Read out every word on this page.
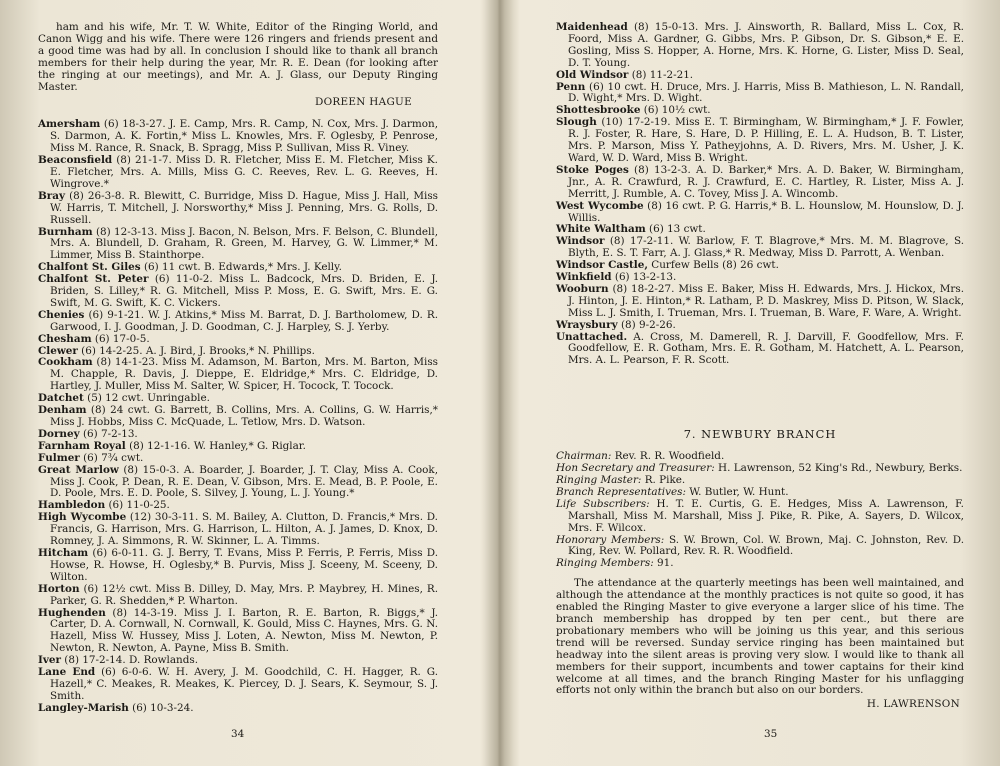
ham and his wife, Mr. T. W. White, Editor of the Ringing World, and Canon Wigg and his wife. There were 126 ringers and friends present and a good time was had by all. In conclusion I should like to thank all branch members for their help during the year, Mr. R. E. Dean (for looking after the ringing at our meetings), and Mr. A. J. Glass, our Deputy Ringing Master.

DOREEN HAGUE

Amersham (6) 18-3-27. J. E. Camp, Mrs. R. Camp, N. Cox, Mrs. J. Darmon, S. Darmon, A. K. Fortin,* Miss L. Knowles, Mrs. F. Oglesby, P. Penrose, Miss M. Rance, R. Snack, B. Spragg, Miss P. Sullivan, Miss R. Viney.

Beaconsfield (8) 21-1-7. Miss D. R. Fletcher, Miss E. M. Fletcher, Miss K. E. Fletcher, Mrs. A. Mills, Miss G. C. Reeves, Rev. L. G. Reeves, H. Wingrove.*

Bray (8) 26-3-8. R. Blewitt, C. Burridge, Miss D. Hague, Miss J. Hall, Miss W. Harris, T. Mitchell, J. Norsworthy,* Miss J. Penning, Mrs. G. Rolls, D. Russell.

Burnham (8) 12-3-13. Miss J. Bacon, N. Belson, Mrs. F. Belson, C. Blundell, Mrs. A. Blundell, D. Graham, R. Green, M. Harvey, G. W. Limmer,* M. Limmer, Miss B. Stainthorpe.

Chalfont St. Giles (6) 11 cwt. B. Edwards,* Mrs. J. Kelly.

Chalfont St. Peter (6) 11-0-2. Miss L. Badcock, Mrs. D. Briden, E. J. Briden, S. Lilley,* R. G. Mitchell, Miss P. Moss, E. G. Swift, Mrs. E. G. Swift, M. G. Swift, K. C. Vickers.

Chenies (6) 9-1-21. W. J. Atkins,* Miss M. Barrat, D. J. Bartholomew, D. R. Garwood, I. J. Goodman, J. D. Goodman, C. J. Harpley, S. J. Yerby.

Chesham (6) 17-0-5.

Clewer (6) 14-2-25. A. J. Bird, J. Brooks,* N. Phillips.

Cookham (8) 14-1-23. Miss M. Adamson, M. Barton, Mrs. M. Barton, Miss M. Chapple, R. Davis, J. Dieppe, E. Eldridge,* Mrs. C. Eldridge, D. Hartley, J. Muller, Miss M. Salter, W. Spicer, H. Tocock, T. Tocock.

Datchet (5) 12 cwt. Unringable.

Denham (8) 24 cwt. G. Barrett, B. Collins, Mrs. A. Collins, G. W. Harris,* Miss J. Hobbs, Miss C. McQuade, L. Tetlow, Mrs. D. Watson.

Dorney (6) 7-2-13.

Farnham Royal (8) 12-1-16. W. Hanley,* G. Riglar.

Fulmer (6) 7¾ cwt.

Great Marlow (8) 15-0-3. A. Boarder, J. Boarder, J. T. Clay, Miss A. Cook, Miss J. Cook, P. Dean, R. E. Dean, V. Gibson, Mrs. E. Mead, B. P. Poole, E. D. Poole, Mrs. E. D. Poole, S. Silvey, J. Young, L. J. Young.*

Hambledon (6) 11-0-25.

High Wycombe (12) 30-3-11. S. M. Bailey, A. Clutton, D. Francis,* Mrs. D. Francis, G. Harrison, Mrs. G. Harrison, L. Hilton, A. J. James, D. Knox, D. Romney, J. A. Simmons, R. W. Skinner, L. A. Timms.

Hitcham (6) 6-0-11. G. J. Berry, T. Evans, Miss P. Ferris, P. Ferris, Miss D. Howse, R. Howse, H. Oglesby,* B. Purvis, Miss J. Sceeny, M. Sceeny, D. Wilton.

Horton (6) 12½ cwt. Miss B. Dilley, D. May, Mrs. P. Maybrey, H. Mines, R. Parker, G. R. Shedden,* P. Wharton.

Hughenden (8) 14-3-19. Miss J. I. Barton, R. E. Barton, R. Biggs,* J. Carter, D. A. Cornwall, N. Cornwall, K. Gould, Miss C. Haynes, Mrs. G. N. Hazell, Miss W. Hussey, Miss J. Loten, A. Newton, Miss M. Newton, P. Newton, R. Newton, A. Payne, Miss B. Smith.

Iver (8) 17-2-14. D. Rowlands.

Lane End (6) 6-0-6. W. H. Avery, J. M. Goodchild, C. H. Hagger, R. G. Hazell,* C. Meakes, R. Meakes, K. Piercey, D. J. Sears, K. Seymour, S. J. Smith.

Langley-Marish (6) 10-3-24.

34

Maidenhead (8) 15-0-13. Mrs. J. Ainsworth, R. Ballard, Miss L. Cox, R. Foord, Miss A. Gardner, G. Gibbs, Mrs. P. Gibson, Dr. S. Gibson,* E. E. Gosling, Miss S. Hopper, A. Horne, Mrs. K. Horne, G. Lister, Miss D. Seal, D. T. Young.

Old Windsor (8) 11-2-21.

Penn (6) 10 cwt. H. Druce, Mrs. J. Harris, Miss B. Mathieson, L. N. Randall, D. Wight,* Mrs. D. Wight.

Shottesbrooke (6) 10½ cwt.

Slough (10) 17-2-19. Miss E. T. Birmingham, W. Birmingham,* J. F. Fowler, R. J. Foster, R. Hare, S. Hare, D. P. Hilling, E. L. A. Hudson, B. T. Lister, Mrs. P. Marson, Miss Y. Patheyjohns, A. D. Rivers, Mrs. M. Usher, J. K. Ward, W. D. Ward, Miss B. Wright.

Stoke Poges (8) 13-2-3. A. D. Barker,* Mrs. A. D. Baker, W. Birmingham, Jnr., A. R. Crawfurd, R. J. Crawfurd, E. C. Hartley, R. Lister, Miss A. J. Merritt, J. Rumble, A. C. Tovey, Miss J. A. Wincomb.

West Wycombe (8) 16 cwt. P. G. Harris,* B. L. Hounslow, M. Hounslow, D. J. Willis.

White Waltham (6) 13 cwt.

Windsor (8) 17-2-11. W. Barlow, F. T. Blagrove,* Mrs. M. M. Blagrove, S. Blyth, E. S. T. Farr, A. J. Glass,* R. Medway, Miss D. Parrott, A. Wenban.

Windsor Castle, Curfew Bells (8) 26 cwt.

Winkfield (6) 13-2-13.

Wooburn (8) 18-2-27. Miss E. Baker, Miss H. Edwards, Mrs. J. Hickox, Mrs. J. Hinton, J. E. Hinton,* R. Latham, P. D. Maskrey, Miss D. Pitson, W. Slack, Miss L. J. Smith, I. Trueman, Mrs. I. Trueman, B. Ware, F. Ware, A. Wright.

Wraysbury (8) 9-2-26.

Unattached. A. Cross, M. Damerell, R. J. Darvill, F. Goodfellow, Mrs. F. Goodfellow, E. R. Gotham, Mrs. E. R. Gotham, M. Hatchett, A. L. Pearson, Mrs. A. L. Pearson, F. R. Scott.

7. NEWBURY BRANCH

Chairman: Rev. R. R. Woodfield.

Hon Secretary and Treasurer: H. Lawrenson, 52 King's Rd., Newbury, Berks.

Ringing Master: R. Pike.

Branch Representatives: W. Butler, W. Hunt.

Life Subscribers: H. T. E. Curtis, G. E. Hedges, Miss A. Lawrenson, F. Marshall, Miss M. Marshall, Miss J. Pike, R. Pike, A. Sayers, D. Wilcox, Mrs. F. Wilcox.

Honorary Members: S. W. Brown, Col. W. Brown, Maj. C. Johnston, Rev. D. King, Rev. W. Pollard, Rev. R. R. Woodfield.

Ringing Members: 91.

The attendance at the quarterly meetings has been well maintained, and although the attendance at the monthly practices is not quite so good, it has enabled the Ringing Master to give everyone a larger slice of his time. The branch membership has dropped by ten per cent., but there are probationary members who will be joining us this year, and this serious trend will be reversed. Sunday service ringing has been maintained but headway into the silent areas is proving very slow. I would like to thank all members for their support, incumbents and tower captains for their kind welcome at all times, and the branch Ringing Master for his unflagging efforts not only within the branch but also on our borders.

H. LAWRENSON

35
